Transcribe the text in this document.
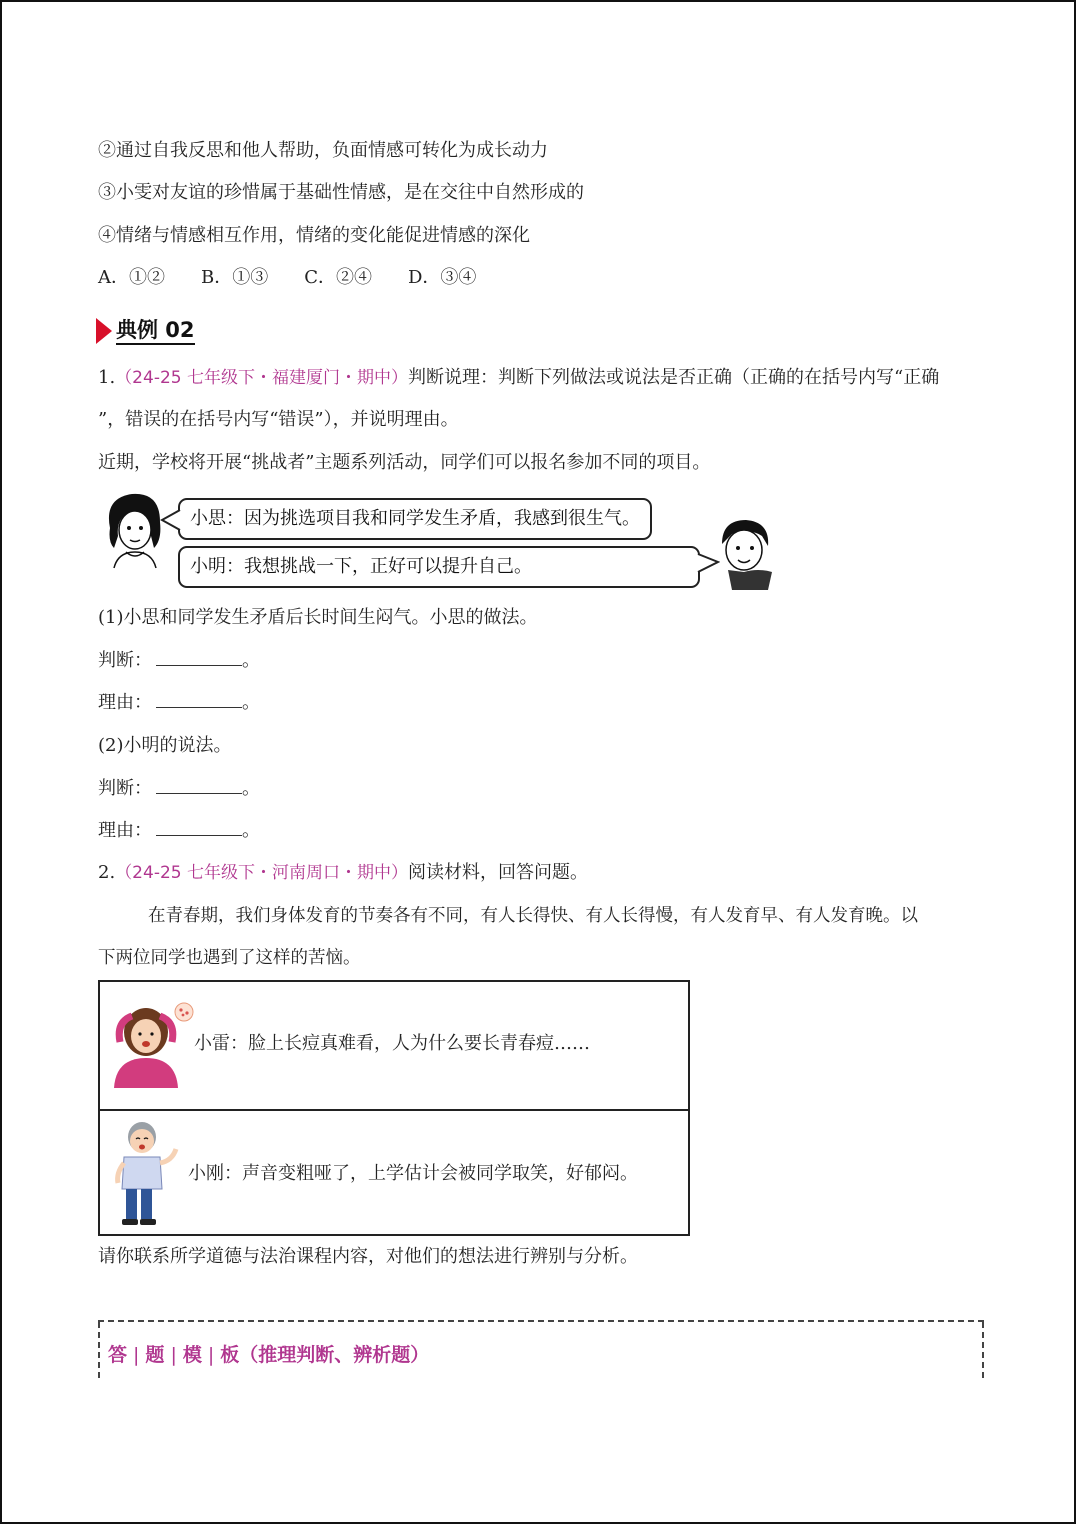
②通过自我反思和他人帮助，负面情感可转化为成长动力
③小雯对友谊的珍惜属于基础性情感，是在交往中自然形成的
④情绪与情感相互作用，情绪的变化能促进情感的深化
A．①②　　B．①③　　C．②④　　D．③④
典例 02
1.（24-25 七年级下・福建厦门・期中）判断说理：判断下列做法或说法是否正确（正确的在括号内写“正确
”，错误的在括号内写“错误”），并说明理由。
近期，学校将开展“挑战者”主题系列活动，同学们可以报名参加不同的项目。
小思：因为挑选项目我和同学发生矛盾，我感到很生气。
小明：我想挑战一下，正好可以提升自己。
(1)小思和同学发生矛盾后长时间生闷气。小思的做法。
判断：	。
理由：	。
(2)小明的说法。
判断：	。
理由：	。
2.（24-25 七年级下・河南周口・期中）阅读材料，回答问题。
在青春期，我们身体发育的节奏各有不同，有人长得快、有人长得慢，有人发育早、有人发育晚。以
下两位同学也遇到了这样的苦恼。
小雷：脸上长痘真难看，人为什么要长青春痘……
小刚：声音变粗哑了，上学估计会被同学取笑，好郁闷。
请你联系所学道德与法治课程内容，对他们的想法进行辨别与分析。
答 | 题 | 模 | 板（推理判断、辨析题）
